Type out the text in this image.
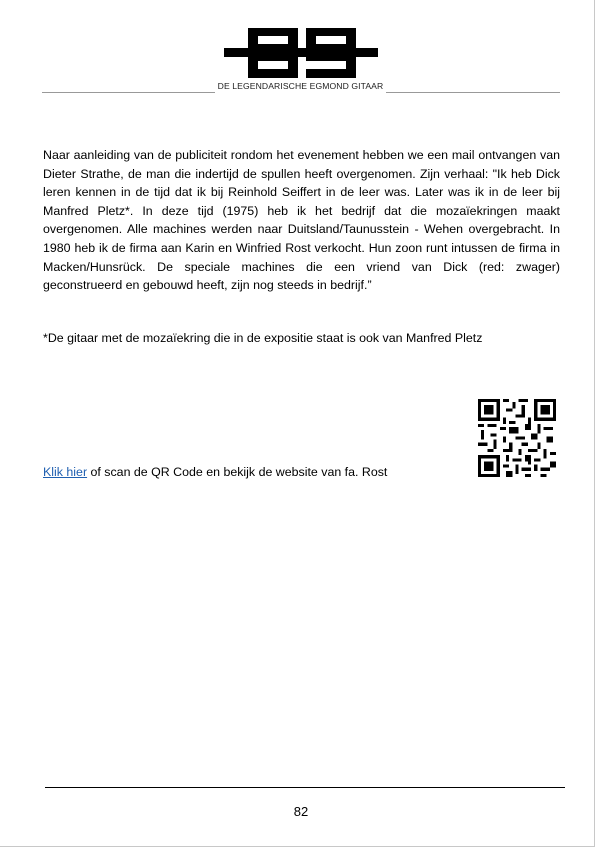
DE LEGENDARISCHE EGMOND GITAAR

Naar aanleiding van de publiciteit rondom het evenement hebben we een mail ontvangen van Dieter Strathe, de man die indertijd de spullen heeft overgenomen. Zijn verhaal: "Ik heb Dick leren kennen in de tijd dat ik bij Reinhold Seiffert in de leer was. Later was ik in de leer bij Manfred Pletz*. In deze tijd (1975) heb ik het bedrijf dat die mozaïekringen maakt overgenomen. Alle machines werden naar Duitsland/Taunusstein - Wehen overgebracht. In 1980 heb ik de firma aan Karin en Winfried Rost verkocht. Hun zoon runt intussen de firma in Macken/Hunsrück. De speciale machines die een vriend van Dick (red: zwager) geconstrueerd en gebouwd heeft, zijn nog steeds in bedrijf.”

*De gitaar met de mozaïekring die in de expositie staat is ook van Manfred Pletz

Klik hier of scan de QR Code en bekijk de website van fa. Rost

82
